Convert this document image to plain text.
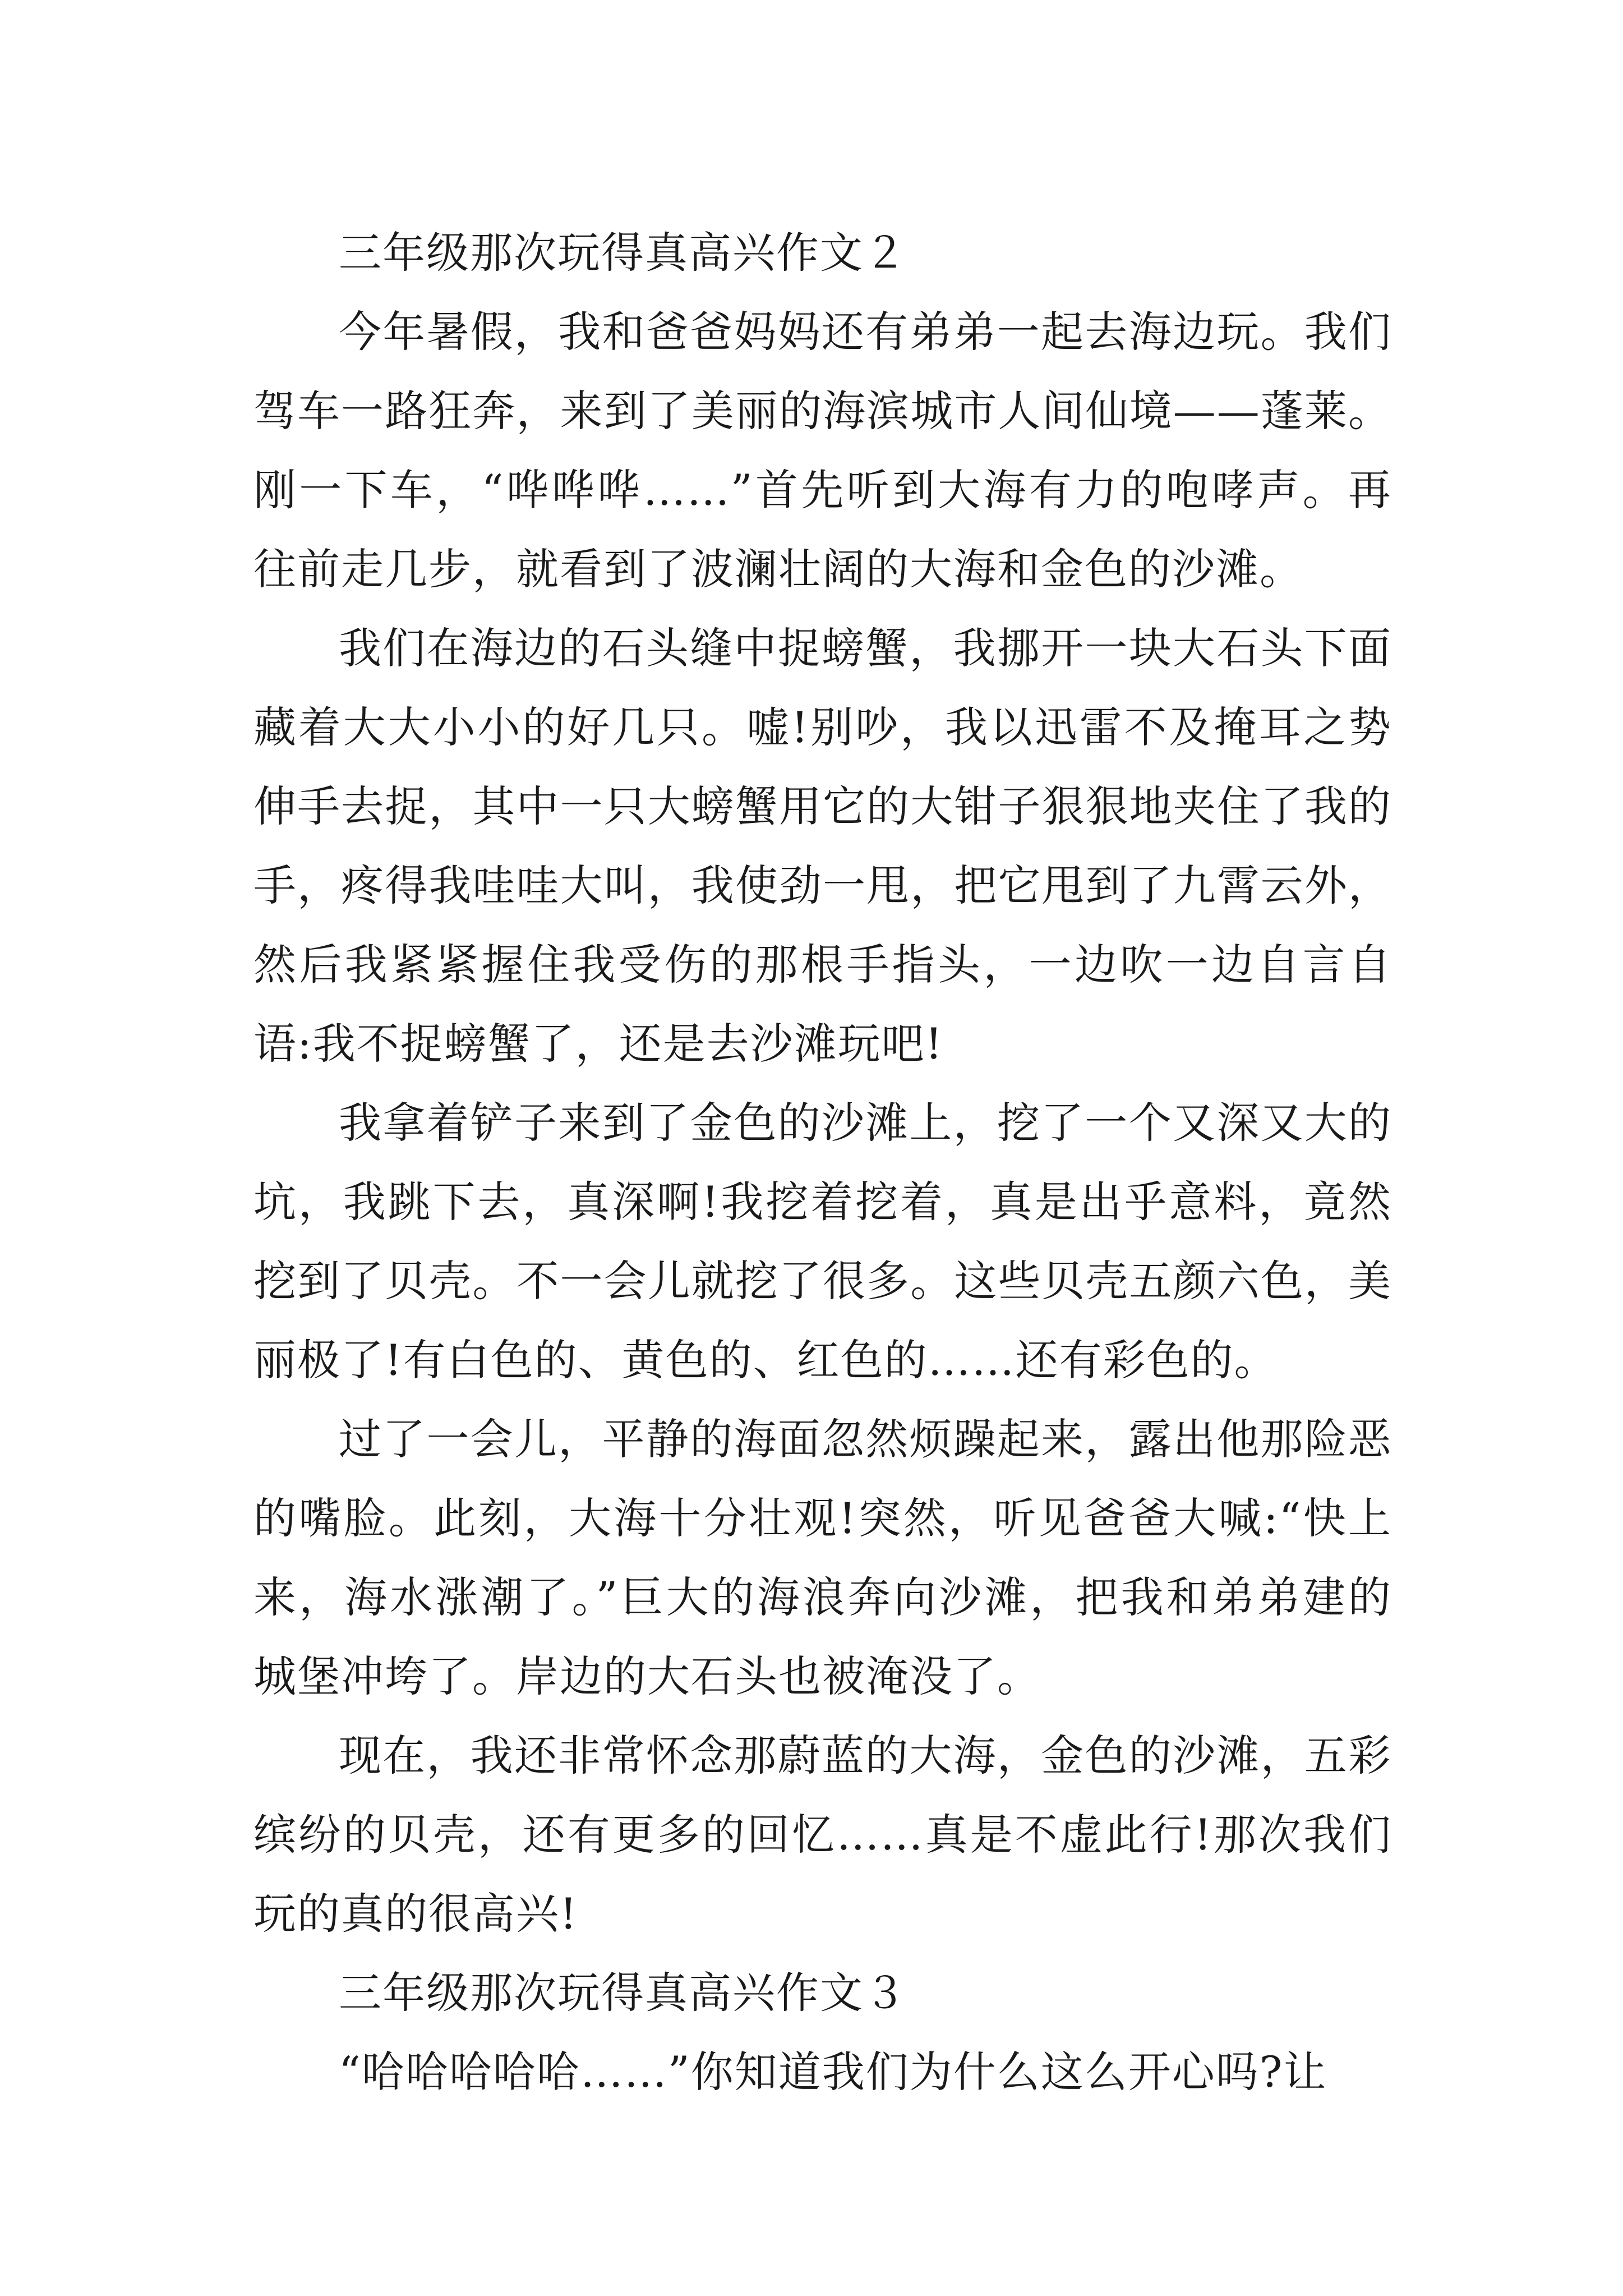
三年级那次玩得真高兴作文２

今年暑假，我和爸爸妈妈还有弟弟一起去海边玩。我们驾车一路狂奔，来到了美丽的海滨城市人间仙境——蓬莱。刚一下车，“哗哗哗……”首先听到大海有力的咆哮声。再往前走几步，就看到了波澜壮阔的大海和金色的沙滩。

我们在海边的石头缝中捉螃蟹，我挪开一块大石头下面藏着大大小小的好几只。嘘!别吵，我以迅雷不及掩耳之势伸手去捉，其中一只大螃蟹用它的大钳子狠狠地夹住了我的手，疼得我哇哇大叫，我使劲一甩，把它甩到了九霄云外，然后我紧紧握住我受伤的那根手指头，一边吹一边自言自语:我不捉螃蟹了，还是去沙滩玩吧!

我拿着铲子来到了金色的沙滩上，挖了一个又深又大的坑，我跳下去，真深啊!我挖着挖着，真是出乎意料，竟然挖到了贝壳。不一会儿就挖了很多。这些贝壳五颜六色，美丽极了!有白色的、黄色的、红色的……还有彩色的。

过了一会儿，平静的海面忽然烦躁起来，露出他那险恶的嘴脸。此刻，大海十分壮观!突然，听见爸爸大喊:“快上来，海水涨潮了。”巨大的海浪奔向沙滩，把我和弟弟建的城堡冲垮了。岸边的大石头也被淹没了。

现在，我还非常怀念那蔚蓝的大海，金色的沙滩，五彩缤纷的贝壳，还有更多的回忆……真是不虚此行!那次我们玩的真的很高兴!

三年级那次玩得真高兴作文３

“哈哈哈哈哈……”你知道我们为什么这么开心吗?让
